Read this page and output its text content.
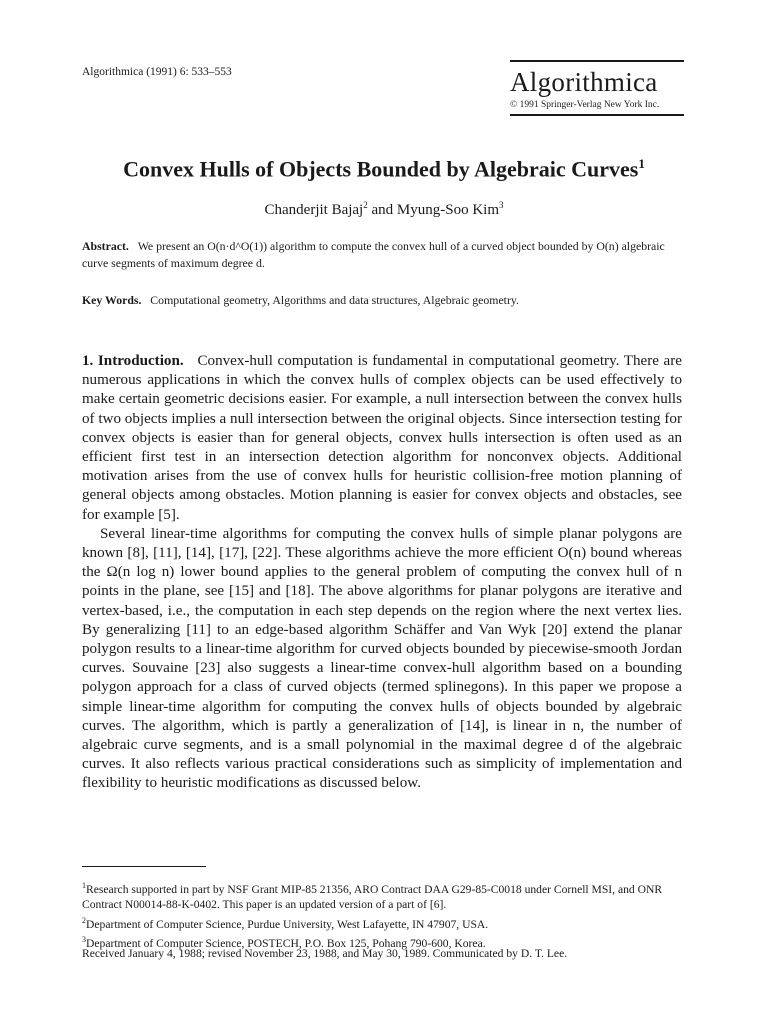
Algorithmica (1991) 6: 533–553	Algorithmica
© 1991 Springer-Verlag New York Inc.
Convex Hulls of Objects Bounded by Algebraic Curves$^1$
Chanderjit Bajaj$^2$ and Myung-Soo Kim$^3$
Abstract. We present an O(n·d^O(1)) algorithm to compute the convex hull of a curved object bounded by O(n) algebraic curve segments of maximum degree d.
Key Words. Computational geometry, Algorithms and data structures, Algebraic geometry.

1. Introduction. Convex-hull computation is fundamental in computational geometry. There are numerous applications in which the convex hulls of complex objects can be used effectively to make certain geometric decisions easier. For example, a null intersection between the convex hulls of two objects implies a null intersection between the original objects. Since intersection testing for convex objects is easier than for general objects, convex hulls intersection is often used as an efficient first test in an intersection detection algorithm for nonconvex objects. Additional motivation arises from the use of convex hulls for heuristic collision-free motion planning of general objects among obstacles. Motion planning is easier for convex objects and obstacles, see for example [5].

Several linear-time algorithms for computing the convex hulls of simple planar polygons are known [8], [11], [14], [17], [22]. These algorithms achieve the more efficient O(n) bound whereas the Ω(n log n) lower bound applies to the general problem of computing the convex hull of n points in the plane, see [15] and [18]. The above algorithms for planar polygons are iterative and vertex-based, i.e., the computation in each step depends on the region where the next vertex lies. By generalizing [11] to an edge-based algorithm Schäffer and Van Wyk [20] extend the planar polygon results to a linear-time algorithm for curved objects bounded by piecewise-smooth Jordan curves. Souvaine [23] also suggests a linear-time convex-hull algorithm based on a bounding polygon approach for a class of curved objects (termed splinegons). In this paper we propose a simple linear-time algorithm for computing the convex hulls of objects bounded by algebraic curves. The algorithm, which is partly a generalization of [14], is linear in n, the number of algebraic curve segments, and is a small polynomial in the maximal degree d of the algebraic curves. It also reflects various practical considerations such as simplicity of implementation and flexibility to heuristic modifications as discussed below.

$^1$Research supported in part by NSF Grant MIP-85 21356, ARO Contract DAA G29-85-C0018 under Cornell MSI, and ONR Contract N00014-88-K-0402. This paper is an updated version of a part of [6].
$^2$Department of Computer Science, Purdue University, West Lafayette, IN 47907, USA.
$^3$Department of Computer Science, POSTECH, P.O. Box 125, Pohang 790-600, Korea.
Received January 4, 1988; revised November 23, 1988, and May 30, 1989. Communicated by D. T. Lee.
